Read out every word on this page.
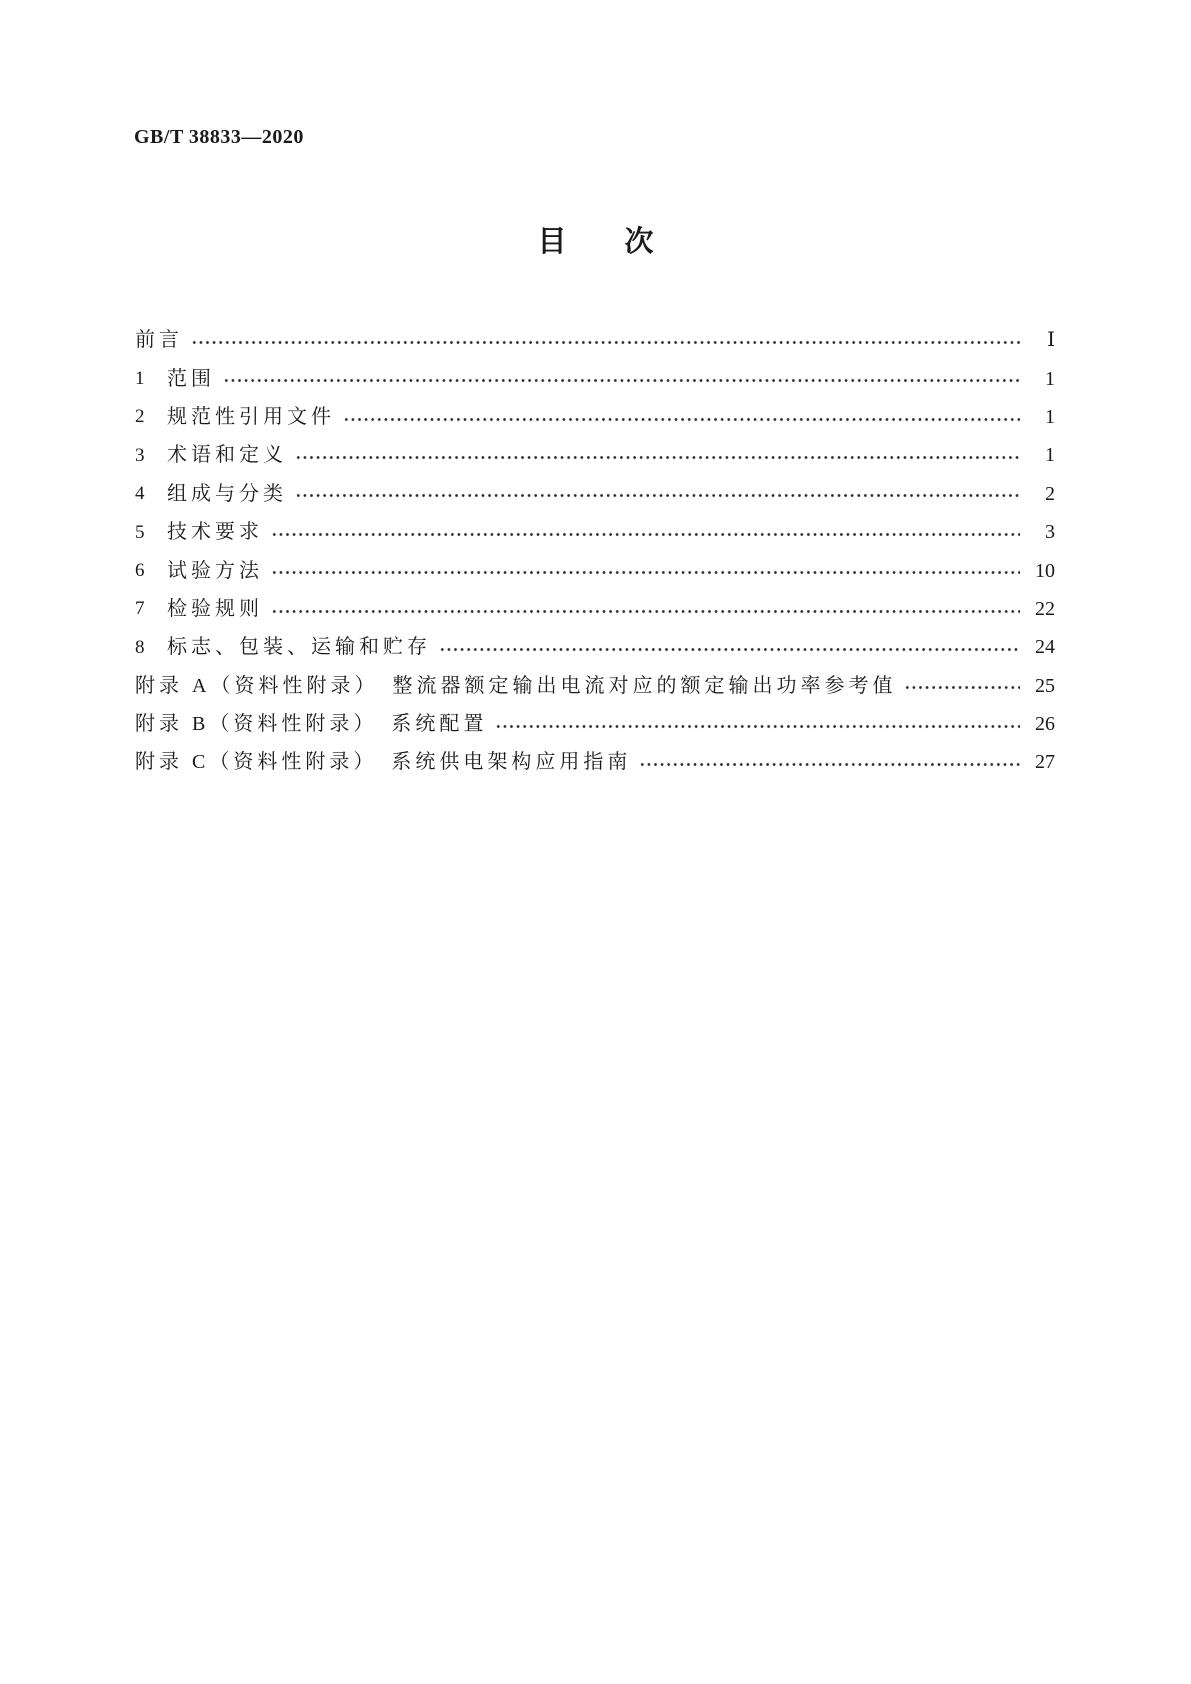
GB/T 38833—2020
目　　次
前言	Ⅰ
1	范围	1
2	规范性引用文件	1
3	术语和定义	1
4	组成与分类	2
5	技术要求	3
6	试验方法	10
7	检验规则	22
8	标志、包装、运输和贮存	24
附录 A（资料性附录）　整流器额定输出电流对应的额定输出功率参考值	25
附录 B（资料性附录）　系统配置	26
附录 C（资料性附录）　系统供电架构应用指南	27
